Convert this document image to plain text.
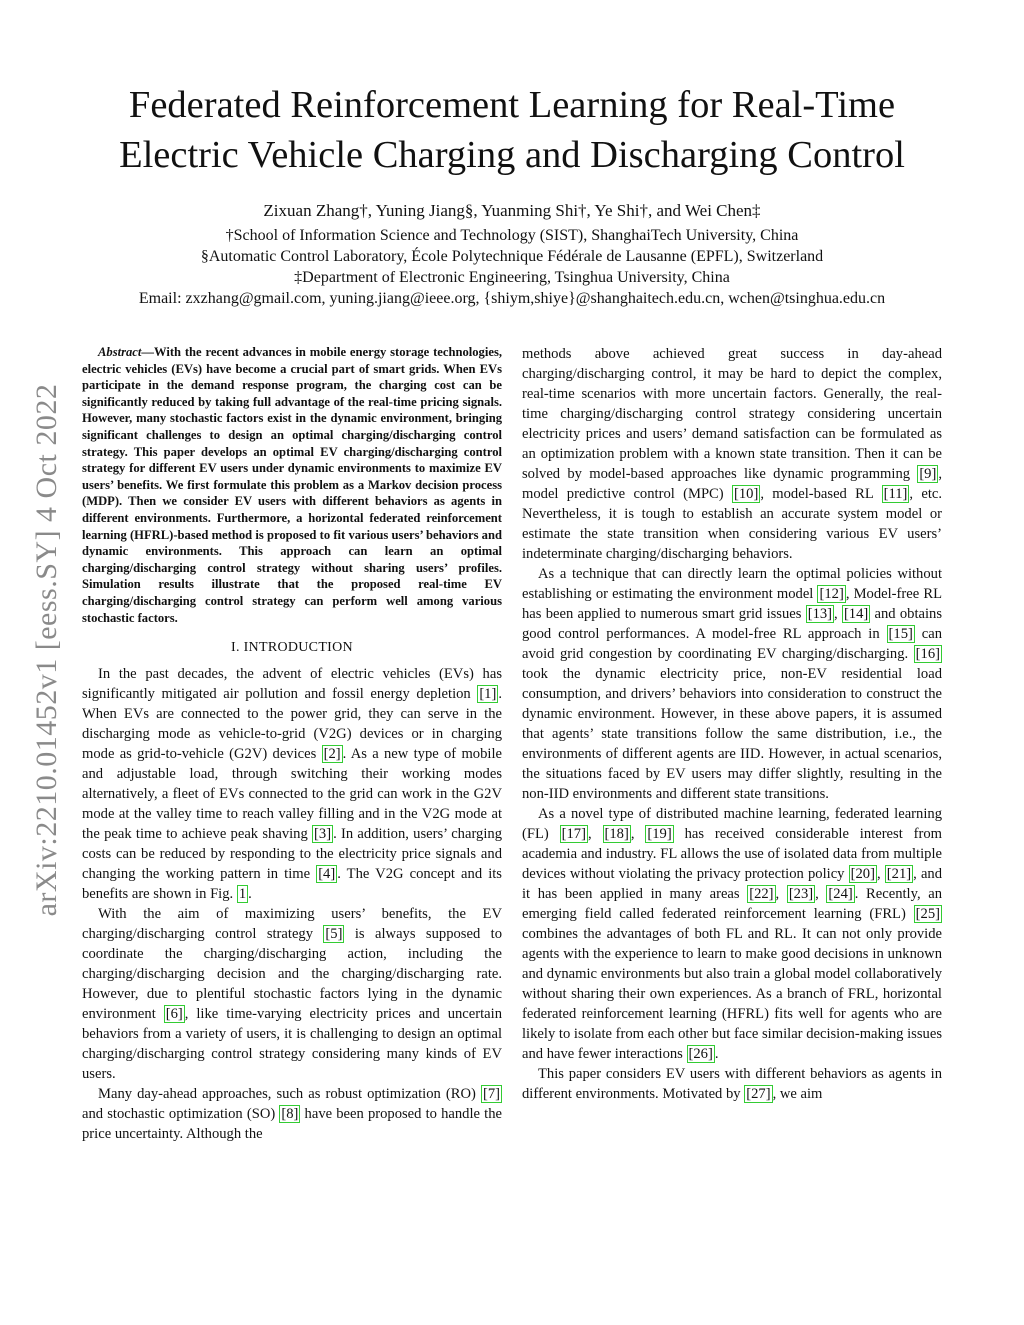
arXiv:2210.01452v1 [eess.SY] 4 Oct 2022
Federated Reinforcement Learning for Real-Time
Electric Vehicle Charging and Discharging Control
Zixuan Zhang†, Yuning Jiang§, Yuanming Shi†, Ye Shi†, and Wei Chen‡
†School of Information Science and Technology (SIST), ShanghaiTech University, China
§Automatic Control Laboratory, École Polytechnique Fédérale de Lausanne (EPFL), Switzerland
‡Department of Electronic Engineering, Tsinghua University, China
Email: zxzhang@gmail.com, yuning.jiang@ieee.org, {shiym,shiye}@shanghaitech.edu.cn, wchen@tsinghua.edu.cn

Abstract—With the recent advances in mobile energy storage technologies, electric vehicles (EVs) have become a crucial part of smart grids. When EVs participate in the demand response program, the charging cost can be significantly reduced by taking full advantage of the real-time pricing signals. However, many stochastic factors exist in the dynamic environment, bringing significant challenges to design an optimal charging/discharging control strategy. This paper develops an optimal EV charging/discharging control strategy for different EV users under dynamic environments to maximize EV users’ benefits. We first formulate this problem as a Markov decision process (MDP). Then we consider EV users with different behaviors as agents in different environments. Furthermore, a horizontal federated reinforcement learning (HFRL)-based method is proposed to fit various users’ behaviors and dynamic environments. This approach can learn an optimal charging/discharging control strategy without sharing users’ profiles. Simulation results illustrate that the proposed real-time EV charging/discharging control strategy can perform well among various stochastic factors.

I. INTRODUCTION

In the past decades, the advent of electric vehicles (EVs) has significantly mitigated air pollution and fossil energy depletion [1] . When EVs are connected to the power grid, they can serve in the discharging mode as vehicle-to-grid (V2G) devices or in charging mode as grid-to-vehicle (G2V) devices [2] . As a new type of mobile and adjustable load, through switching their working modes alternatively, a fleet of EVs connected to the grid can work in the G2V mode at the valley time to reach valley filling and in the V2G mode at the peak time to achieve peak shaving [3] . In addition, users’ charging costs can be reduced by responding to the electricity price signals and changing the working pattern in time [4] . The V2G concept and its benefits are shown in Fig. 1 .

With the aim of maximizing users’ benefits, the EV charging/discharging control strategy [5] is always supposed to coordinate the charging/discharging action, including the charging/discharging decision and the charging/discharging rate. However, due to plentiful stochastic factors lying in the dynamic environment [6] , like time-varying electricity prices and uncertain behaviors from a variety of users, it is challenging to design an optimal charging/discharging control strategy considering many kinds of EV users.

Many day-ahead approaches, such as robust optimization (RO) [7] and stochastic optimization (SO) [8] have been proposed to handle the price uncertainty. Although the

methods above achieved great success in day-ahead charging/discharging control, it may be hard to depict the complex, real-time scenarios with more uncertain factors. Generally, the real-time charging/discharging control strategy considering uncertain electricity prices and users’ demand satisfaction can be formulated as an optimization problem with a known state transition. Then it can be solved by model-based approaches like dynamic programming [9] , model predictive control (MPC) [10] , model-based RL [11] , etc. Nevertheless, it is tough to establish an accurate system model or estimate the state transition when considering various EV users’ indeterminate charging/discharging behaviors.

As a technique that can directly learn the optimal policies without establishing or estimating the environment model [12] , Model-free RL has been applied to numerous smart grid issues [13] , [14] and obtains good control performances. A model-free RL approach in [15] can avoid grid congestion by coordinating EV charging/discharging. [16] took the dynamic electricity price, non-EV residential load consumption, and drivers’ behaviors into consideration to construct the dynamic environment. However, in these above papers, it is assumed that agents’ state transitions follow the same distribution, i.e., the environments of different agents are IID. However, in actual scenarios, the situations faced by EV users may differ slightly, resulting in the non-IID environments and different state transitions.

As a novel type of distributed machine learning, federated learning (FL) [17] , [18] , [19] has received considerable interest from academia and industry. FL allows the use of isolated data from multiple devices without violating the privacy protection policy [20] , [21] , and it has been applied in many areas [22] , [23] , [24] . Recently, an emerging field called federated reinforcement learning (FRL) [25] combines the advantages of both FL and RL. It can not only provide agents with the experience to learn to make good decisions in unknown and dynamic environments but also train a global model collaboratively without sharing their own experiences. As a branch of FRL, horizontal federated reinforcement learning (HFRL) fits well for agents who are likely to isolate from each other but face similar decision-making issues and have fewer interactions [26] .

This paper considers EV users with different behaviors as agents in different environments. Motivated by [27] , we aim
